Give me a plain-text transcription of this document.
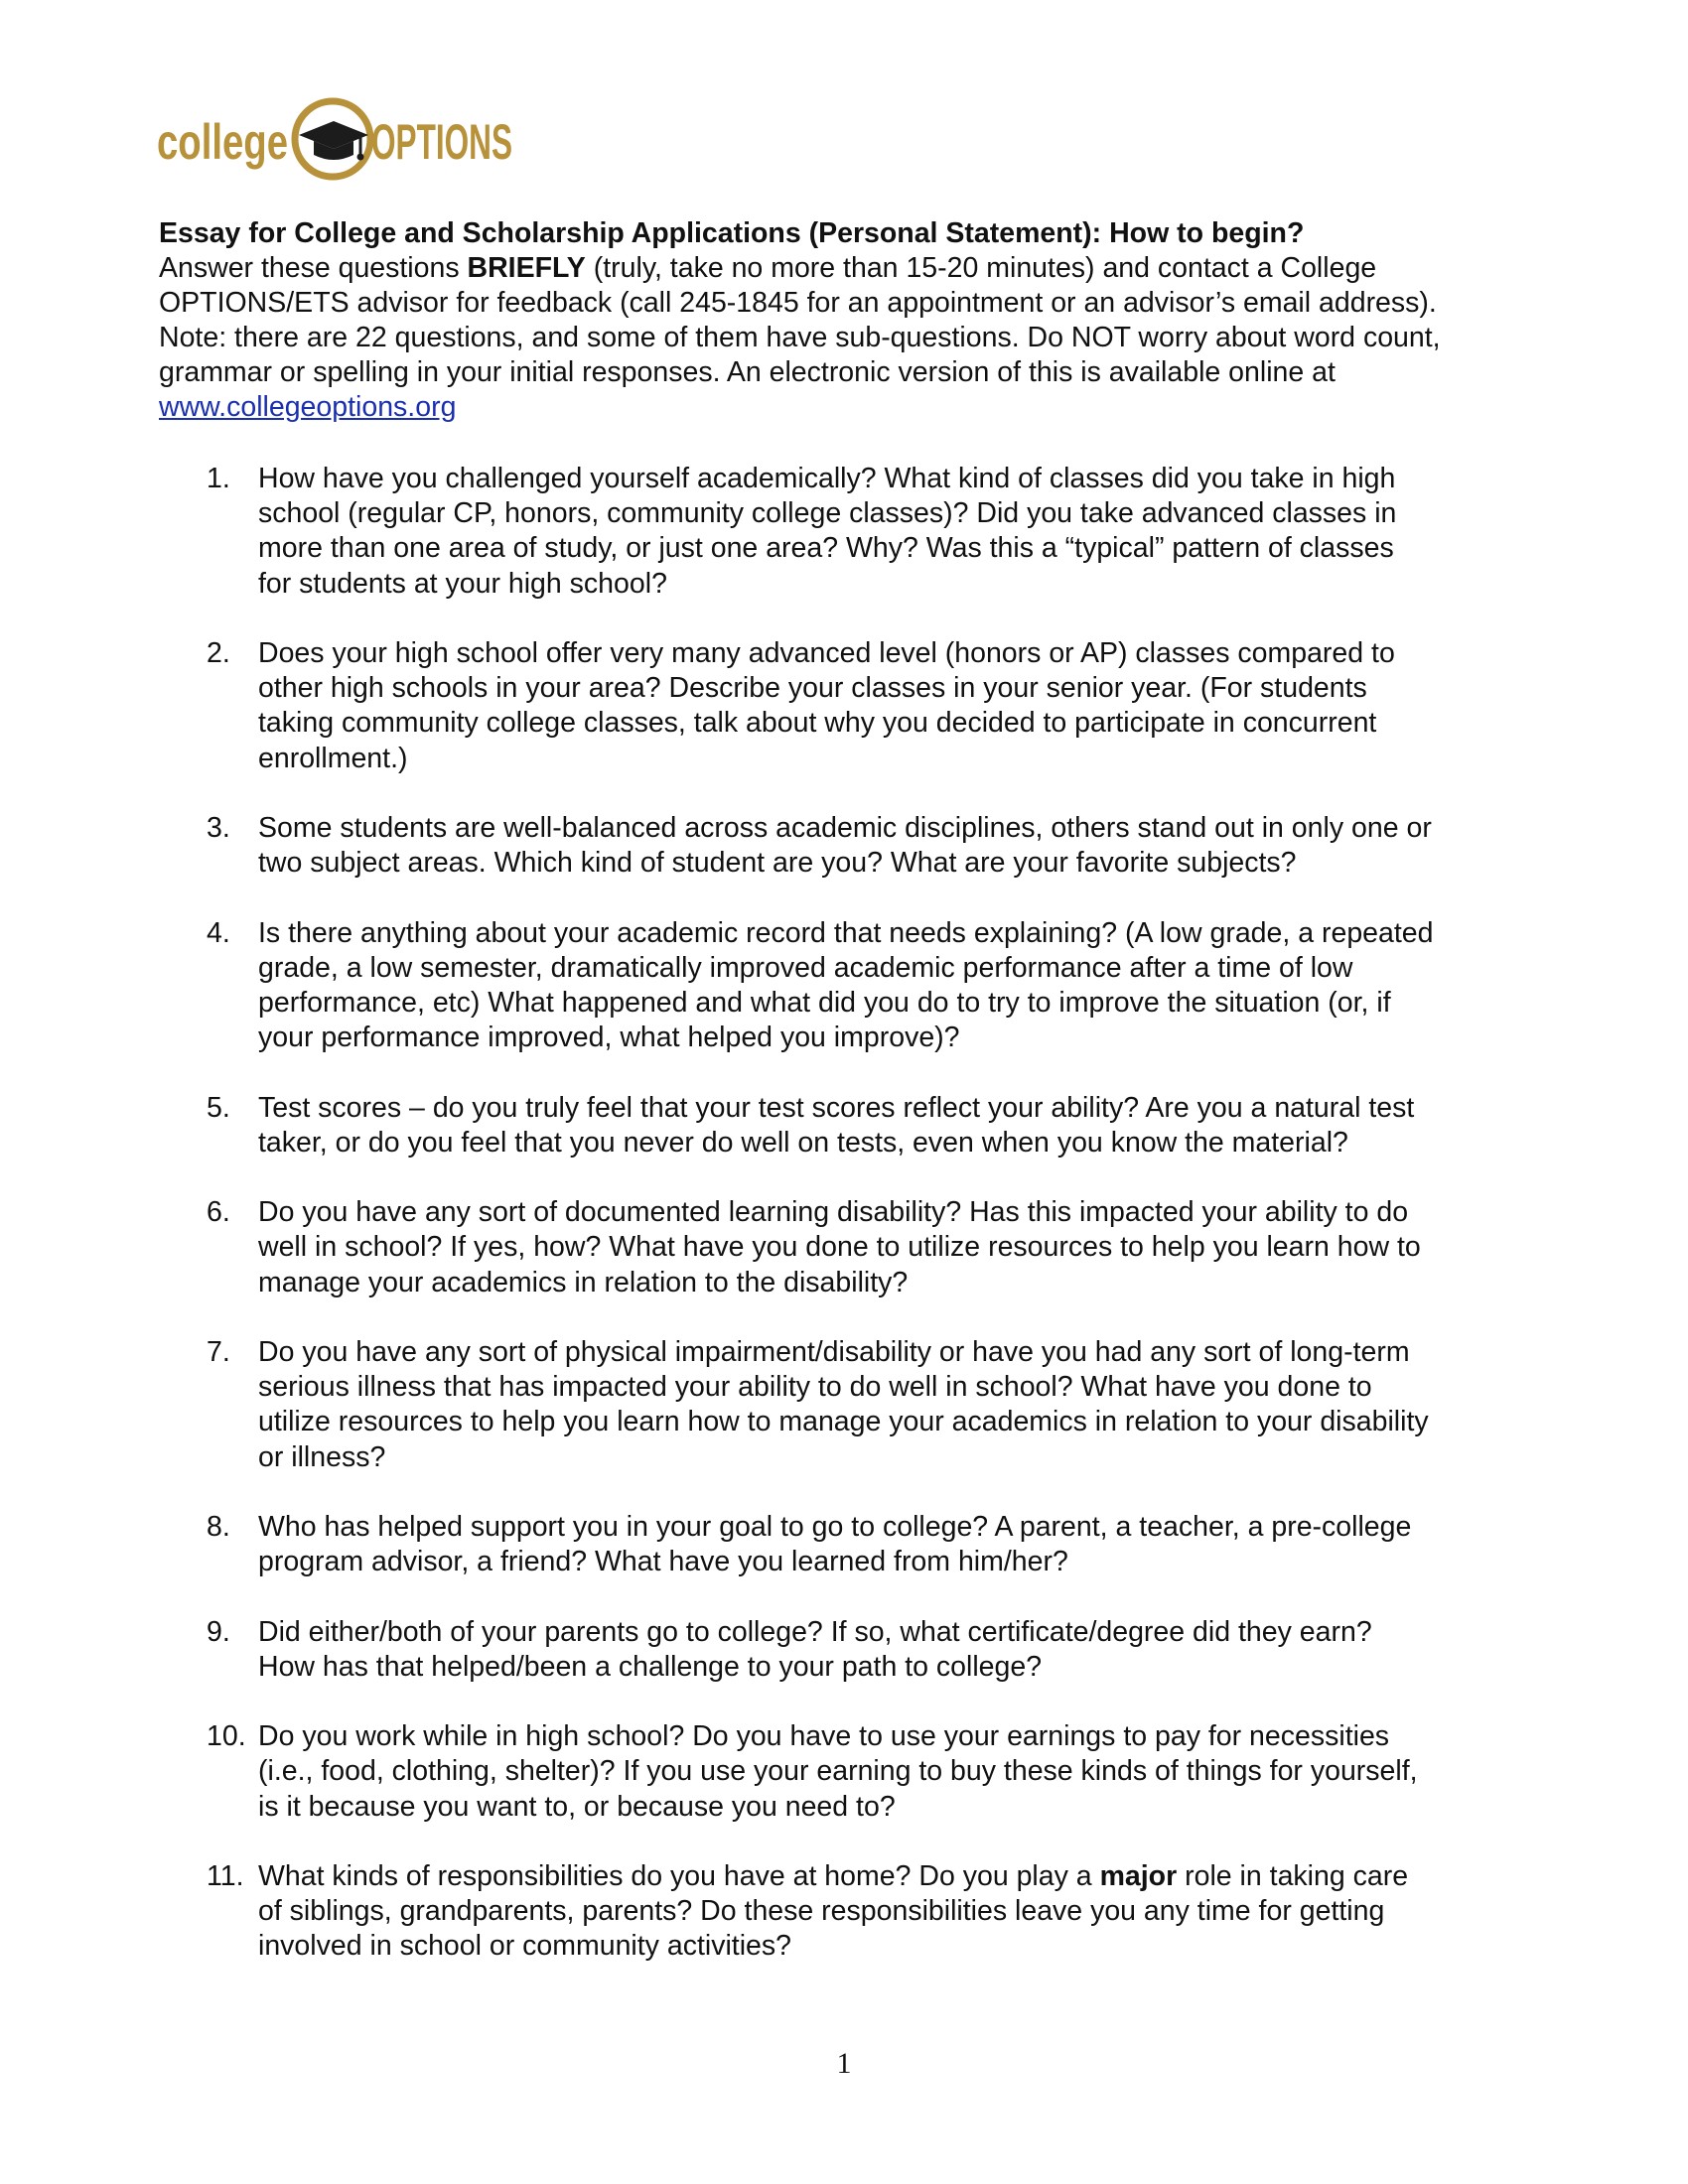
college OPTIONS
Essay for College and Scholarship Applications (Personal Statement): How to begin?
Answer these questions BRIEFLY (truly, take no more than 15-20 minutes) and contact a College
OPTIONS/ETS advisor for feedback (call 245-1845 for an appointment or an advisor’s email address).
Note: there are 22 questions, and some of them have sub-questions. Do NOT worry about word count,
grammar or spelling in your initial responses. An electronic version of this is available online at
www.collegeoptions.org
1. How have you challenged yourself academically? What kind of classes did you take in high
school (regular CP, honors, community college classes)? Did you take advanced classes in
more than one area of study, or just one area? Why? Was this a “typical” pattern of classes
for students at your high school?
2. Does your high school offer very many advanced level (honors or AP) classes compared to
other high schools in your area? Describe your classes in your senior year. (For students
taking community college classes, talk about why you decided to participate in concurrent
enrollment.)
3. Some students are well-balanced across academic disciplines, others stand out in only one or
two subject areas. Which kind of student are you? What are your favorite subjects?
4. Is there anything about your academic record that needs explaining? (A low grade, a repeated
grade, a low semester, dramatically improved academic performance after a time of low
performance, etc) What happened and what did you do to try to improve the situation (or, if
your performance improved, what helped you improve)?
5. Test scores – do you truly feel that your test scores reflect your ability? Are you a natural test
taker, or do you feel that you never do well on tests, even when you know the material?
6. Do you have any sort of documented learning disability? Has this impacted your ability to do
well in school? If yes, how? What have you done to utilize resources to help you learn how to
manage your academics in relation to the disability?
7. Do you have any sort of physical impairment/disability or have you had any sort of long-term
serious illness that has impacted your ability to do well in school? What have you done to
utilize resources to help you learn how to manage your academics in relation to your disability
or illness?
8. Who has helped support you in your goal to go to college? A parent, a teacher, a pre-college
program advisor, a friend? What have you learned from him/her?
9. Did either/both of your parents go to college? If so, what certificate/degree did they earn?
How has that helped/been a challenge to your path to college?
10. Do you work while in high school? Do you have to use your earnings to pay for necessities
(i.e., food, clothing, shelter)? If you use your earning to buy these kinds of things for yourself,
is it because you want to, or because you need to?
11. What kinds of responsibilities do you have at home? Do you play a major role in taking care
of siblings, grandparents, parents? Do these responsibilities leave you any time for getting
involved in school or community activities?
1
